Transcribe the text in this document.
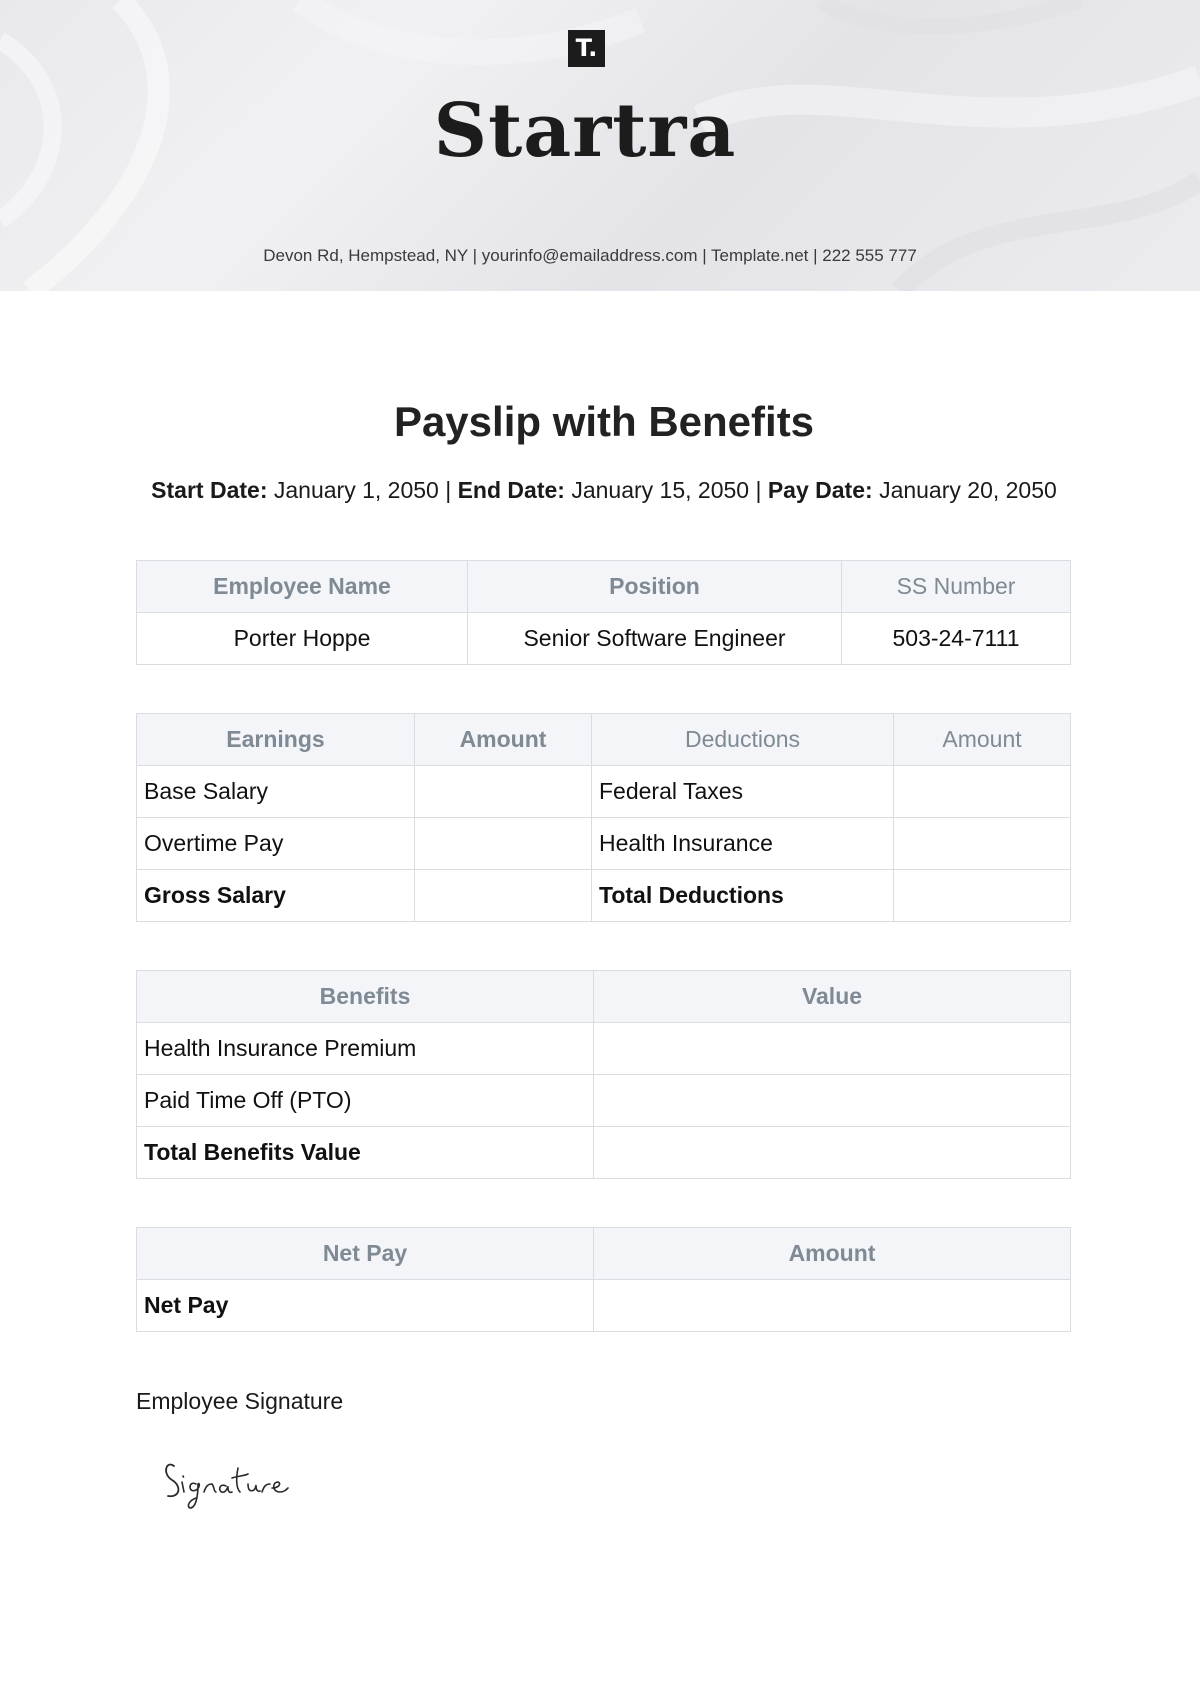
T.
Startra
Devon Rd, Hempstead, NY | yourinfo@emailaddress.com | Template.net | 222 555 777
Payslip with Benefits
Start Date: January 1, 2050 | End Date: January 15, 2050 | Pay Date: January 20, 2050
Employee Name	Position	SS Number
Porter Hoppe	Senior Software Engineer	503-24-7111
Earnings	Amount	Deductions	Amount
Base Salary		Federal Taxes	
Overtime Pay		Health Insurance	
Gross Salary		Total Deductions	
Benefits	Value
Health Insurance Premium	
Paid Time Off (PTO)	
Total Benefits Value	
Net Pay	Amount
Net Pay	
Employee Signature
